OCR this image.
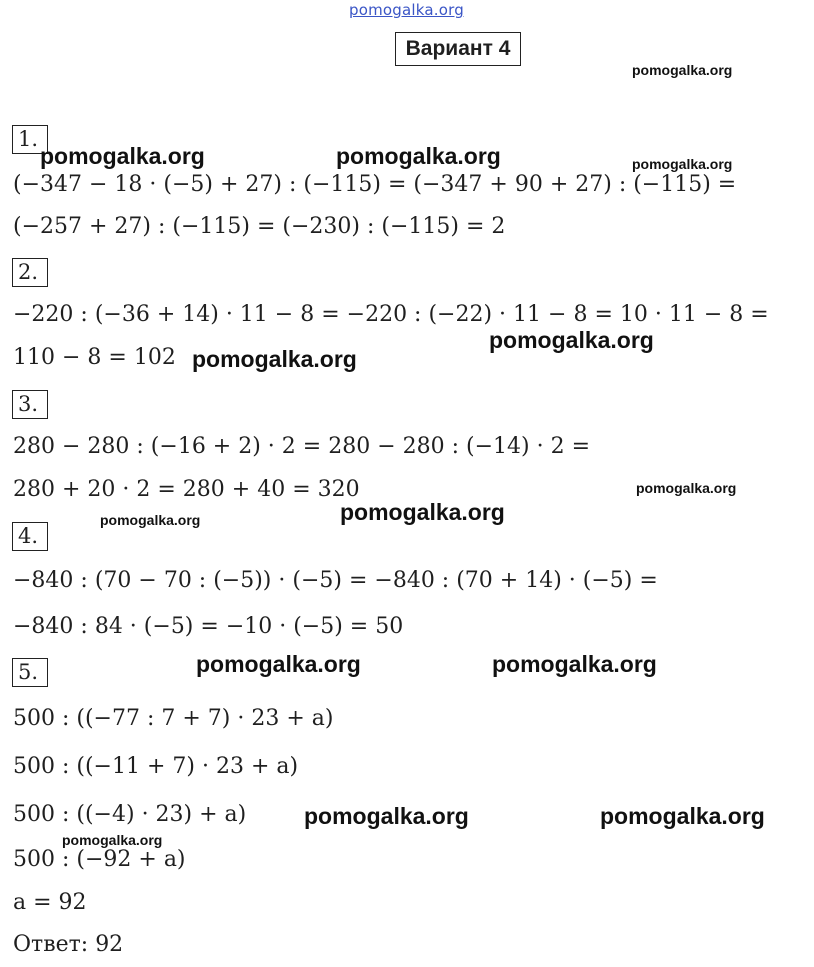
pomogalka.org
Вариант 4
pomogalka.org
1.
pomogalka.org	pomogalka.org	pomogalka.org
(−347 − 18 · (−5) + 27) : (−115) = (−347 + 90 + 27) : (−115) =
(−257 + 27) : (−115) = (−230) : (−115) = 2
2.
−220 : (−36 + 14) · 11 − 8 = −220 : (−22) · 11 − 8 = 10 · 11 − 8 =
pomogalka.org
110 − 8 = 102 pomogalka.org
3.
280 − 280 : (−16 + 2) · 2 = 280 − 280 : (−14) · 2 =
280 + 20 · 2 = 280 + 40 = 320	pomogalka.org
pomogalka.org
pomogalka.org
4.
−840 : (70 − 70 : (−5)) · (−5) = −840 : (70 + 14) · (−5) =
−840 : 84 · (−5) = −10 · (−5) = 50
5.	pomogalka.org	pomogalka.org
500 : ((−77 : 7 + 7) · 23 + a)
500 : ((−11 + 7) · 23 + a)
500 : ((−4) · 23) + a)	pomogalka.org	pomogalka.org
pomogalka.org
500 : (−92 + a)
a = 92
Ответ: 92
